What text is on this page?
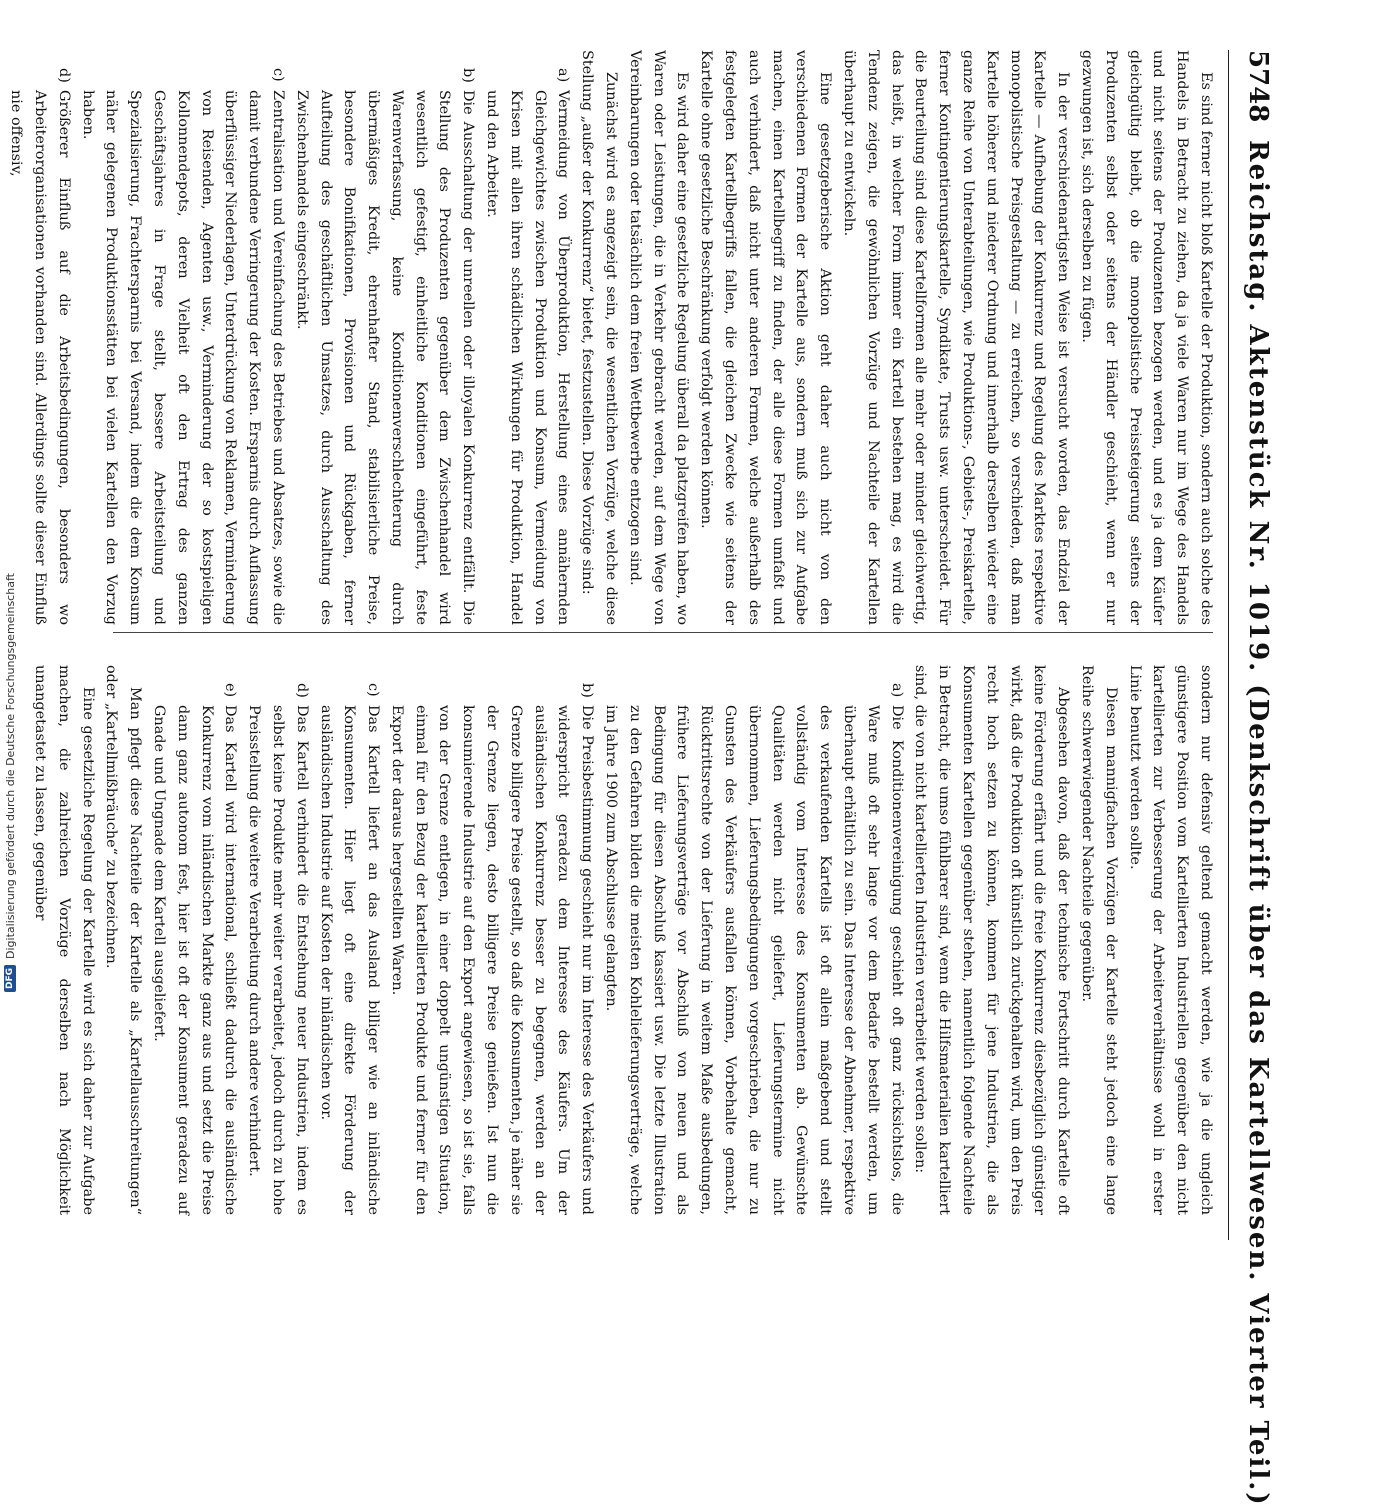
5748
Reichstag. Aktenstück Nr. 1019. (Denkschrift über das Kartellwesen. Vierter Teil.)

Es sind ferner nicht bloß Kartelle der Produktion, sondern auch solche des Handels in Betracht zu ziehen, da ja viele Waren nur im Wege des Handels und nicht seitens der Produzenten bezogen werden, und es ja dem Käufer gleichgültig bleibt, ob die monopolistische Preissteigerung seitens der Produzenten selbst oder seitens der Händler geschieht, wenn er nur gezwungen ist, sich derselben zu fügen.

In der verschiedenartigsten Weise ist versucht worden, das Endziel der Kartelle — Aufhebung der Konkurrenz und Regelung des Marktes respektive monopolistische Preisgestaltung — zu erreichen, so verschieden, daß man Kartelle höherer und niederer Ordnung und innerhalb derselben wieder eine ganze Reihe von Unterabteilungen, wie Produktions-, Gebiets-, Preiskartelle, ferner Kontingentierungskartelle, Syndikate, Trusts usw. unterscheidet. Für die Beurteilung sind diese Kartellformen alle mehr oder minder gleichwertig, das heißt, in welcher Form immer ein Kartell bestehen mag, es wird die Tendenz zeigen, die gewöhnlichen Vorzüge und Nachteile der Kartellen überhaupt zu entwickeln.

Eine gesetzgeberische Aktion geht daher auch nicht von den verschiedenen Formen der Kartelle aus, sondern muß sich zur Aufgabe machen, einen Kartellbegriff zu finden, der alle diese Formen umfaßt und auch verhindert, daß nicht unter anderen Formen, welche außerhalb des festgelegten Kartellbegriffs fallen, die gleichen Zwecke wie seitens der Kartelle ohne gesetzliche Beschränkung verfolgt werden können.

Es wird daher eine gesetzliche Regelung überall da platzgreifen haben, wo Waren oder Leistungen, die in Verkehr gebracht werden, auf dem Wege von Vereinbarungen oder tatsächlich dem freien Wettbewerbe entzogen sind.

Zunächst wird es angezeigt sein, die wesentlichen Vorzüge, welche diese Stellung „außer der Konkurrenz“ bietet, festzustellen. Diese Vorzüge sind:

a)Vermeidung von Überproduktion, Herstellung eines annähernden Gleichgewichtes zwischen Produktion und Konsum, Vermeidung von Krisen mit allen ihren schädlichen Wirkungen für Produktion, Handel und den Arbeiter.

b)Die Ausschaltung der unreellen oder illoyalen Konkurrenz entfällt. Die Stellung des Produzenten gegenüber dem Zwischenhandel wird wesentlich gefestigt, einheitliche Konditionen eingeführt, feste Warenverfassung, keine Konditionenverschlechterung durch übermäßiges Kredit, ehrenhafter Stand, stabilisierliche Preise, besondere Bonifikationen, Provisionen und Rückgaben, ferner Aufteilung des geschäftlichen Umsatzes, durch Ausschaltung des Zwischenhandels eingeschränkt.

c)Zentralisation und Vereinfachung des Betriebes und Absatzes, sowie die damit verbundene Verringerung der Kosten. Ersparnis durch Auflassung überflüssiger Niederlagen, Unterdrückung von Reklamen, Verminderung von Reisenden, Agenten usw., Verminderung der so kostspieligen Kollonnendepots, deren Vielheit oft den Ertrag des ganzen Geschäftsjahres in Frage stellt, bessere Arbeitsteilung und Spezialisierung, Frachtersparnis bei Versand, indem die dem Konsum näher gelegenen Produktionsstätten bei vielen Kartellen den Vorzug haben.

d)Größerer Einfluß auf die Arbeitsbedingungen, besonders wo Arbeiterorganisationen vorhanden sind. Allerdings sollte dieser Einfluß nie offensiv,

sondern nur defensiv geltend gemacht werden, wie ja die ungleich günstigere Position vom Kartellierten Industriellen gegenüber den nicht kartellierten zur Verbesserung der Arbeiterverhältnisse wohl in erster Linie benutzt werden sollte.

Diesen mannigfachen Vorzügen der Kartelle steht jedoch eine lange Reihe schwerwiegender Nachteile gegenüber.

Abgesehen davon, daß der technische Fortschritt durch Kartelle oft keine Förderung erfährt und die freie Konkurrenz diesbezüglich günstiger wirkt, daß die Produktion oft künstlich zurückgehalten wird, um den Preis recht hoch setzen zu können, kommen für jene Industrien, die als Konsumenten Kartellen gegenüber stehen, namentlich folgende Nachteile in Betracht, die umso fühlbarer sind, wenn die Hilfsmaterialien kartelliert sind, die von nicht kartellierten Industrien verarbeitet werden sollen:

a)Die Konditionenvereinigung geschieht oft ganz rücksichtslos, die Ware muß oft sehr lange vor dem Bedarfe bestellt werden, um überhaupt erhältlich zu sein. Das Interesse der Abnehmer, respektive des verkaufenden Kartells ist oft allein maßgebend und stellt vollständig vom Interesse des Konsumenten ab. Gewünschte Qualitäten werden nicht geliefert, Lieferungstermine nicht übernommen, Lieferungsbedingungen vorgeschrieben, die nur zu Gunsten des Verkäufers ausfallen können, Vorbehalte gemacht, Rücktrittsrechte von der Lieferung in weitem Maße ausbedungen, frühere Lieferungsverträge vor Abschluß von neuen und als Bedingung für diesen Abschluß kassiert usw. Die letzte Illustration zu den Gefahren bilden die meisten Kohlelieferungsverträge, welche im Jahre 1900 zum Abschlusse gelangten.

b)Die Preisbestimmung geschieht nur im Interesse des Verkäufers und widerspricht geradezu dem Interesse des Käufers. Um der ausländischen Konkurrenz besser zu begegnen, werden an der Grenze billigere Preise gestellt, so daß die Konsumenten, je näher sie der Grenze liegen, desto billigere Preise genießen. Ist nun die konsumierende Industrie auf den Export angewiesen, so ist sie, falls von der Grenze entlegen, in einer doppelt ungünstigen Situation, einmal für den Bezug der kartellierten Produkte und ferner für den Export der daraus hergestellten Waren.

c)Das Kartell liefert an das Ausland billiger wie an inländische Konsumenten. Hier liegt oft eine direkte Förderung der ausländischen Industrie auf Kosten der inländischen vor.

d)Das Kartell verhindert die Entstehung neuer Industrien, indem es selbst keine Produkte mehr weiter verarbeitet, jedoch durch zu hohe Preisstellung die weitere Verarbeitung durch andere verhindert.

e)Das Kartell wird international, schließt dadurch die ausländische Konkurrenz vom inländischen Markte ganz aus und setzt die Preise dann ganz autonom fest, hier ist oft der Konsument geradezu auf Gnade und Ungnade dem Kartell ausgeliefert.

Man pflegt diese Nachteile der Kartelle als „Kartellausschreitungen“ oder „Kartellmißbräuche“ zu bezeichnen.

Eine gesetzliche Regelung der Kartelle wird es sich daher zur Aufgabe machen, die zahlreichen Vorzüge derselben nach Möglichkeit unangetastet zu lassen, gegenüber

DFG
Digitalisierung gefördert durch die Deutsche Forschungsgemeinschaft
